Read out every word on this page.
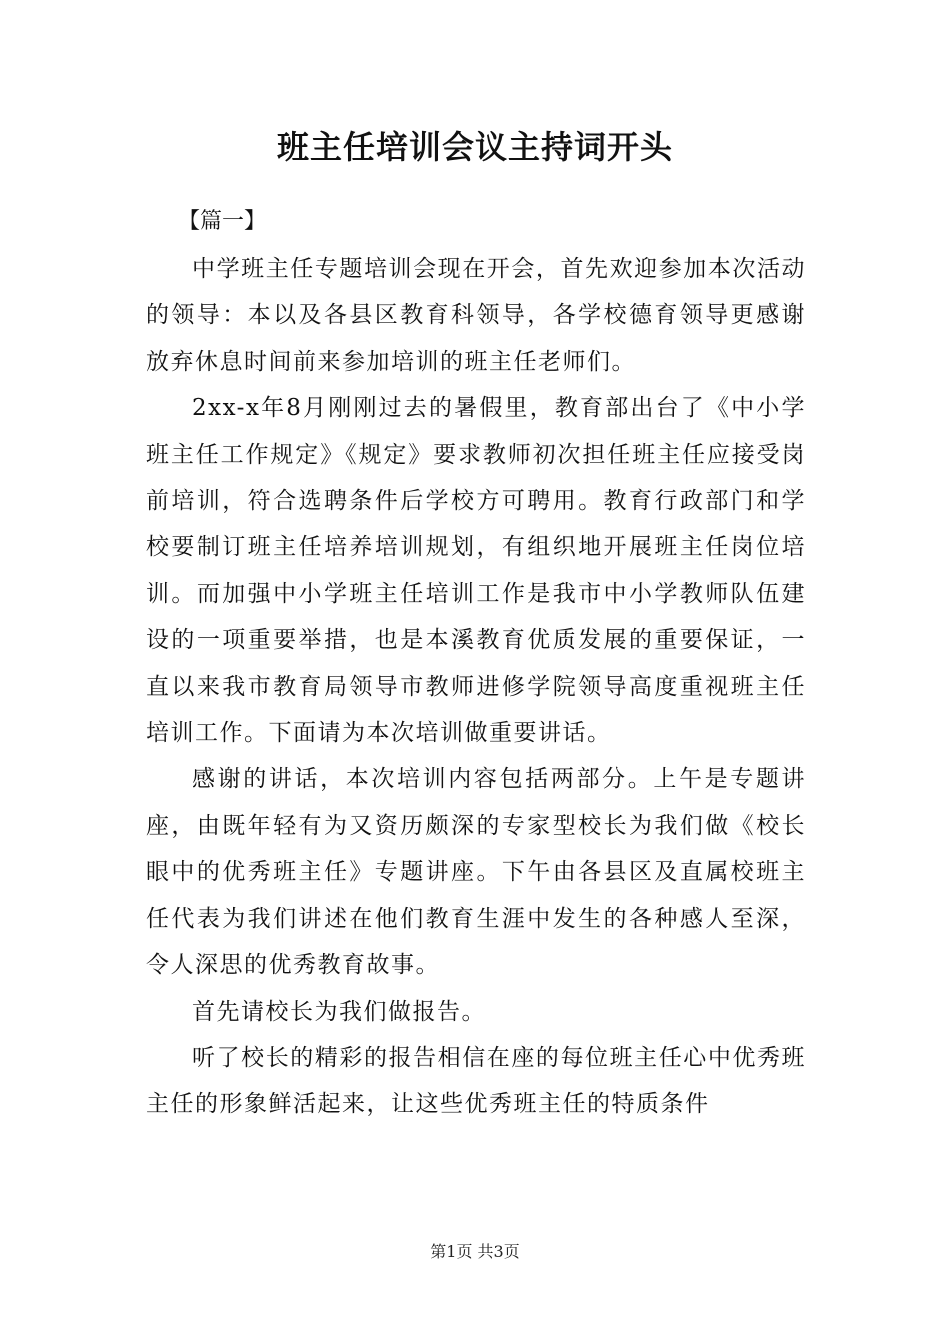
班主任培训会议主持词开头
【篇一】

中学班主任专题培训会现在开会，首先欢迎参加本次活动的领导：本以及各县区教育科领导，各学校德育领导更感谢放弃休息时间前来参加培训的班主任老师们。

2xx-x年8月刚刚过去的暑假里，教育部出台了《中小学班主任工作规定》《规定》要求教师初次担任班主任应接受岗前培训，符合选聘条件后学校方可聘用。教育行政部门和学校要制订班主任培养培训规划，有组织地开展班主任岗位培训。而加强中小学班主任培训工作是我市中小学教师队伍建设的一项重要举措，也是本溪教育优质发展的重要保证，一直以来我市教育局领导市教师进修学院领导高度重视班主任培训工作。下面请为本次培训做重要讲话。

感谢的讲话，本次培训内容包括两部分。上午是专题讲座，由既年轻有为又资历颇深的专家型校长为我们做《校长眼中的优秀班主任》专题讲座。下午由各县区及直属校班主任代表为我们讲述在他们教育生涯中发生的各种感人至深，令人深思的优秀教育故事。

首先请校长为我们做报告。

听了校长的精彩的报告相信在座的每位班主任心中优秀班主任的形象鲜活起来，让这些优秀班主任的特质条件

第1页 共3页
